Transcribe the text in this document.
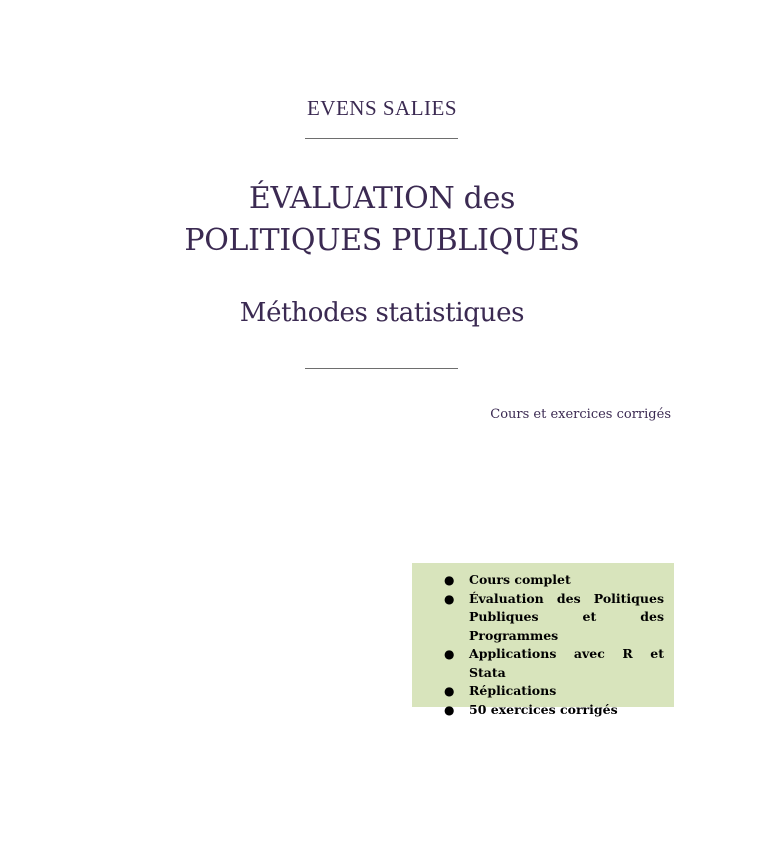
EVENS SALIES
ÉVALUATION des
POLITIQUES PUBLIQUES
Méthodes statistiques
Cours et exercices corrigés
● Cours complet
● Évaluation des Politiques Publiques et des Programmes
● Applications avec R et Stata
● Réplications
● 50 exercices corrigés
